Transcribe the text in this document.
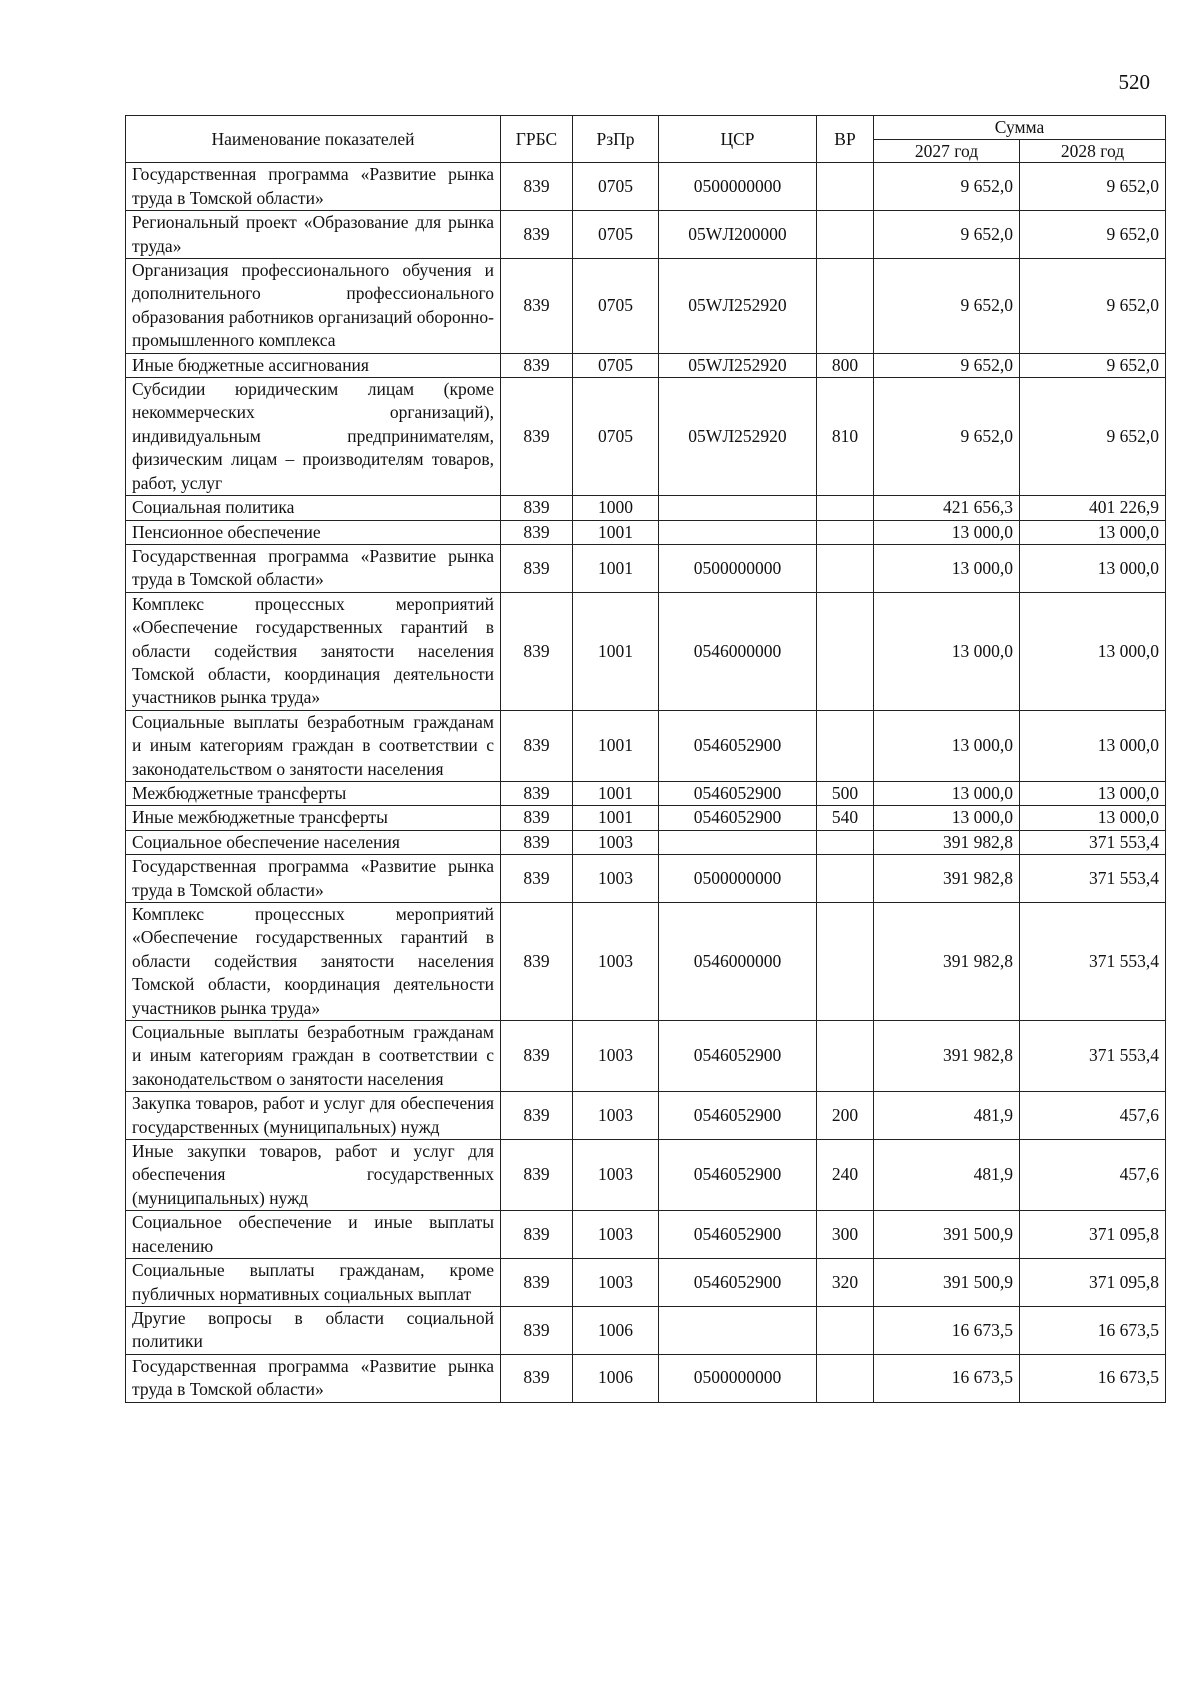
520
Наименование показателей	ГРБС	РзПр	ЦСР	ВР	Сумма	
					2027 год	2028 год
Государственная программа «Развитие рынка труда в Томской области»	839	0705	0500000000		9 652,0	9 652,0
Региональный проект «Образование для рынка труда»	839	0705	05WЛ200000		9 652,0	9 652,0
Организация профессионального обучения и дополнительного профессионального образования работников организаций оборонно-промышленного комплекса	839	0705	05WЛ252920		9 652,0	9 652,0
Иные бюджетные ассигнования	839	0705	05WЛ252920	800	9 652,0	9 652,0
Субсидии юридическим лицам (кроме некоммерческих организаций), индивидуальным предпринимателям, физическим лицам – производителям товаров, работ, услуг	839	0705	05WЛ252920	810	9 652,0	9 652,0
Социальная политика	839	1000			421 656,3	401 226,9
Пенсионное обеспечение	839	1001			13 000,0	13 000,0
Государственная программа «Развитие рынка труда в Томской области»	839	1001	0500000000		13 000,0	13 000,0
Комплекс процессных мероприятий «Обеспечение государственных гарантий в области содействия занятости населения Томской области, координация деятельности участников рынка труда»	839	1001	0546000000		13 000,0	13 000,0
Социальные выплаты безработным гражданам и иным категориям граждан в соответствии с законодательством о занятости населения	839	1001	0546052900		13 000,0	13 000,0
Межбюджетные трансферты	839	1001	0546052900	500	13 000,0	13 000,0
Иные межбюджетные трансферты	839	1001	0546052900	540	13 000,0	13 000,0
Социальное обеспечение населения	839	1003			391 982,8	371 553,4
Государственная программа «Развитие рынка труда в Томской области»	839	1003	0500000000		391 982,8	371 553,4
Комплекс процессных мероприятий «Обеспечение государственных гарантий в области содействия занятости населения Томской области, координация деятельности участников рынка труда»	839	1003	0546000000		391 982,8	371 553,4
Социальные выплаты безработным гражданам и иным категориям граждан в соответствии с законодательством о занятости населения	839	1003	0546052900		391 982,8	371 553,4
Закупка товаров, работ и услуг для обеспечения государственных (муниципальных) нужд	839	1003	0546052900	200	481,9	457,6
Иные закупки товаров, работ и услуг для обеспечения государственных (муниципальных) нужд	839	1003	0546052900	240	481,9	457,6
Социальное обеспечение и иные выплаты населению	839	1003	0546052900	300	391 500,9	371 095,8
Социальные выплаты гражданам, кроме публичных нормативных социальных выплат	839	1003	0546052900	320	391 500,9	371 095,8
Другие вопросы в области социальной политики	839	1006			16 673,5	16 673,5
Государственная программа «Развитие рынка труда в Томской области»	839	1006	0500000000		16 673,5	16 673,5
